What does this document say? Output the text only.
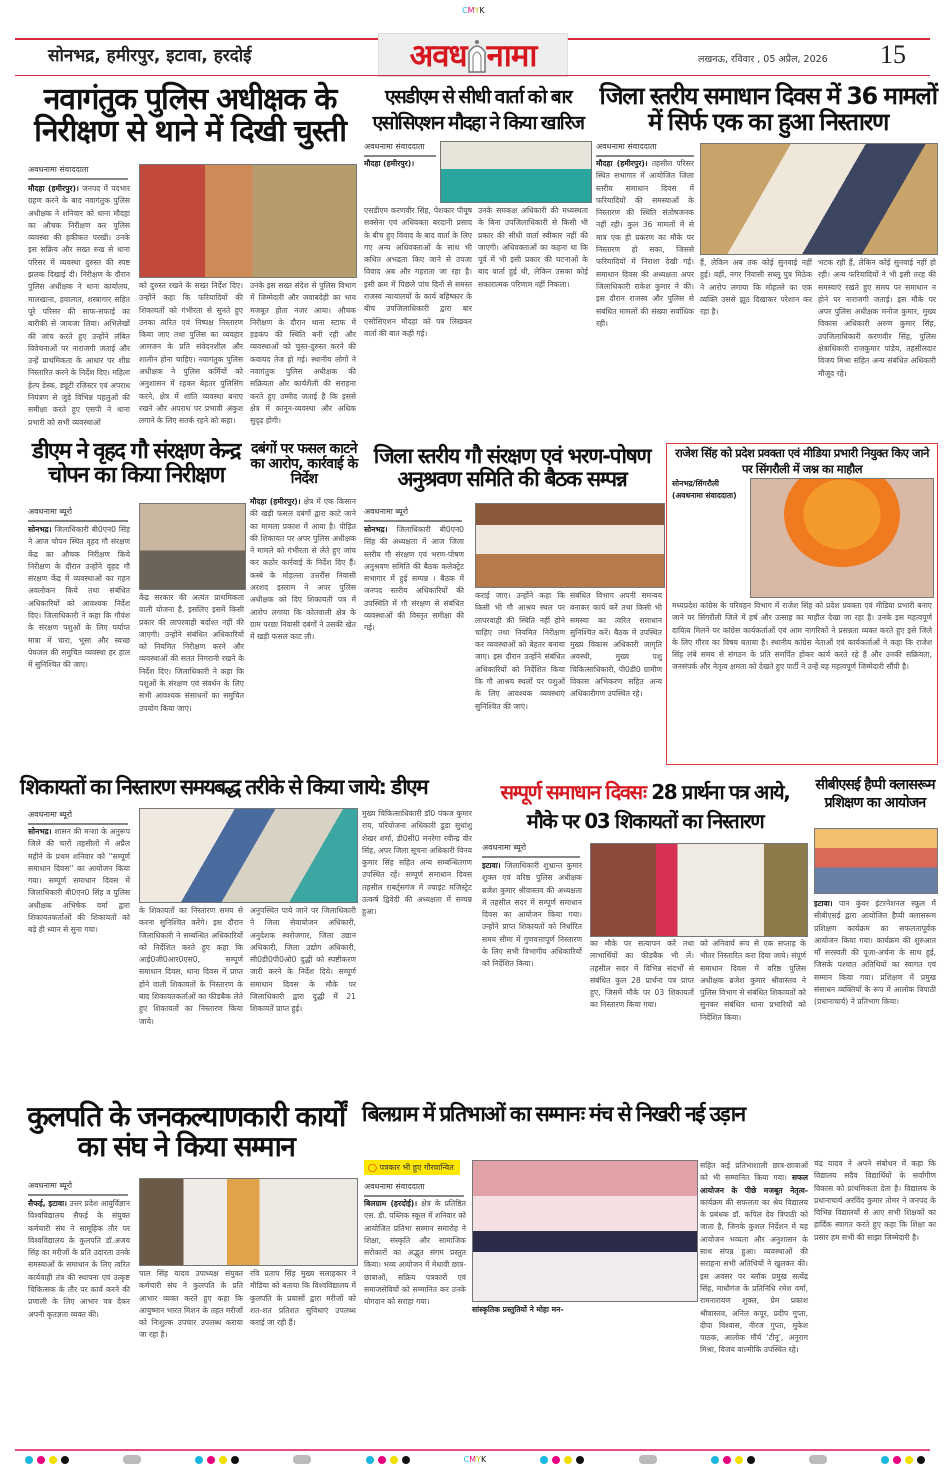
CMYK
सोनभद्र, हमीरपुर, इटावा, हरदोई	अवध नामा	लखनऊ, रविवार , 05 अप्रैल, 2026 15
नवागंतुक पुलिस अधीक्षक के निरीक्षण से थाने में दिखी चुस्ती
अवधनामा संवाददाता
मौदहा (हमीरपुर)। जनपद में पदभार ग्रहण करने के बाद नवागंतुक पुलिस अधीक्षक ने शनिवार को थाना मौदहा का औचक निरीक्षण कर पुलिस व्यवस्था की हकीकत परखी। उनके इस सक्रिय और सख्त रुख से थाना परिसर में व्यवस्था दुरुस्त की स्पष्ट झलक दिखाई दी। निरीक्षण के दौरान पुलिस अधीक्षक ने थाना कार्यालय, मालखाना, हवालात, शस्त्रागार सहित पूरे परिसर की साफ-सफाई का बारीकी से जायजा लिया। अभिलेखों की जांच करते हुए उन्होंने लंबित विवेचनाओं पर नाराजगी जताई और उन्हें प्राथमिकता के आधार पर शीघ्र निस्तारित करने के निर्देश दिए। महिला हेल्प डेस्क, ड्यूटी रजिस्टर एवं अपराध नियंत्रण से जुड़े विभिन्न पहलुओं की समीक्षा करते हुए एसपी ने थाना प्रभारी को सभी व्यवस्थाओं
को दुरुस्त रखने के सख्त निर्देश दिए। उन्होंने कहा कि फरियादियों की शिकायतों को गंभीरता से सुनते हुए उनका त्वरित एवं निष्पक्ष निस्तारण किया जाए तथा पुलिस का व्यवहार आमजन के प्रति संवेदनशील और शालीन होना चाहिए। नवागंतुक पुलिस अधीक्षक ने पुलिस कर्मियों को अनुशासन में रहकर बेहतर पुलिसिंग करने, क्षेत्र में शांति व्यवस्था बनाए रखने और अपराध पर प्रभावी अंकुश लगाने के लिए सतर्क रहने को कहा।
उनके इस सख्त संदेश से पुलिस विभाग में जिम्मेदारी और जवाबदेही का भाव मजबूत होता नजर आया। औचक निरीक्षण के दौरान थाना स्टाफ में हड़कंप की स्थिति बनी रही और व्यवस्थाओं को चुस्त-दुरुस्त करने की कवायद तेज हो गई। स्थानीय लोगों ने नवागंतुक पुलिस अधीक्षक की सक्रियता और कार्यशैली की सराहना करते हुए उम्मीद जताई है कि इससे क्षेत्र में कानून-व्यवस्था और अधिक सुदृढ़ होगी।
एसडीएम से सीधी वार्ता को बार एसोसिएशन मौदहा ने किया खारिज
अवधनामा संवाददाता
मौदहा (हमीरपुर)।
एसडीएम करणवीर सिंह, पेशकार पीयूष सक्सेना एवं अधिवक्ता बरदानी प्रसाद के बीच हुए विवाद के बाद वार्ता के लिए गए अन्य अधिवक्ताओं के साथ भी कथित अभद्रता किए जाने से उपजा विवाद अब और गहराता जा रहा है। इसी क्रम में पिछले पांच दिनों से समस्त राजस्व न्यायालयों के कार्य बहिष्कार के बीच उपजिलाधिकारी द्वारा बार एसोसिएशन मौदहा को पत्र लिखकर वार्ता की बात कही गई।
उनके समकक्ष अधिकारी की मध्यस्थता के बिना उपजिलाधिकारी से किसी भी प्रकार की सीधी वार्ता स्वीकार नहीं की जाएगी। अधिवक्ताओं का कहना था कि पूर्व में भी इसी प्रकार की घटनाओं के बाद वार्ता हुई थी, लेकिन उसका कोई सकारात्मक परिणाम नहीं निकला।
जिला स्तरीय समाधान दिवस में 36 मामलों में सिर्फ एक का हुआ निस्तारण
अवधनामा संवाददाता
मौदहा (हमीरपुर)। तहसील परिसर स्थित सभागार में आयोजित जिला स्तरीय समाधान दिवस में फरियादियों की समस्याओं के निस्तारण की स्थिति संतोषजनक नहीं रही। कुल 36 मामलों में से मात्र एक ही प्रकरण का मौके पर निस्तारण हो सका, जिससे फरियादियों में निराशा देखी गई। समाधान दिवस की अध्यक्षता अपर जिलाधिकारी राकेश कुमार ने की। इस दौरान राजस्व और पुलिस से संबंधित मामलों की संख्या सर्वाधिक रही।
हैं, लेकिन अब तक कोई सुनवाई नहीं हुई। वहीं, नगर निवासी सब्लू पुत्र मिठेक ने आरोप लगाया कि मोहल्ले का एक व्यक्ति उससे झूठ दिखाकर परेशान कर रहा है।
भटक रही हैं, लेकिन कोई सुनवाई नहीं हो रही। अन्य फरियादियों ने भी इसी तरह की समस्याएं रखते हुए समय पर समाधान न होने पर नाराजगी जताई। इस मौके पर अपर पुलिस अधीक्षक मनोज कुमार, मुख्य विकास अधिकारी अरुण कुमार सिंह, उपजिलाधिकारी करणवीर सिंह, पुलिस क्षेत्राधिकारी राजकुमार पांडेय, तहसीलदार विजय मिश्रा सहित अन्य संबंधित अधिकारी मौजूद रहे।
डीएम ने वृहद गौ संरक्षण केन्द्र चोपन का किया निरीक्षण
अवधनामा ब्यूरो
सोनभद्र। जिलाधिकारी बी0एन0 सिंह ने आज चोपन स्थित वृहद गौ संरक्षण केंद्र का औचक निरीक्षण किये निरीक्षण के दौरान उन्होंने वृहद गौ संरक्षण केंद्र में व्यवस्थाओं का गहन अवलोकन किये तथा संबंधित अधिकारियों को आवश्यक निर्देश दिए। जिलाधिकारी ने कहा कि गौवंश के संरक्षण पशुओं के लिए पर्याप्त मात्रा में चारा, भूसा और स्वच्छ पेयजल की समुचित व्यवस्था हर हाल में सुनिश्चित की जाए।
केंद्र सरकार की अत्यंत प्राथमिकता वाली योजना है, इसलिए इसमें किसी प्रकार की लापरवाही बर्दाश्त नहीं की जाएगी। उन्होंने संबंधित अधिकारियों को नियमित निरीक्षण करने और व्यवस्थाओं की सतत निगरानी रखने के निर्देश दिए। जिलाधिकारी ने कहा कि पशुओं के संरक्षण एवं संवर्धन के लिए सभी आवश्यक संसाधनों का समुचित उपयोग किया जाए।
दबंगों पर फसल काटने का आरोप, कार्रवाई के निर्देश
मौदहा (हमीरपुर)। क्षेत्र में एक किसान की खड़ी फसल दबंगों द्वारा काटे जाने का मामला प्रकाश में आया है। पीड़ित की शिकायत पर अपर पुलिस अधीक्षक ने मामले को गंभीरता से लेते हुए जांच कर कठोर कार्रवाई के निर्देश दिए हैं। कस्बे के मोहल्ला उत्तरौंस निवासी अरशद इस्लाम ने अपर पुलिस अधीक्षक को दिए शिकायती पत्र में आरोप लगाया कि कोतवाली क्षेत्र के ग्राम परछा निवासी दबंगों ने उसकी खेत में खड़ी फसल काट ली।
जिला स्तरीय गौ संरक्षण एवं भरण-पोषण अनुश्रवण समिति की बैठक सम्पन्न
अवधनामा ब्यूरो
सोनभद्र। जिलाधिकारी बी0एन0 सिंह की अध्यक्षता में आज जिला स्तरीय गौ संरक्षण एवं भरण-पोषण अनुश्रवण समिति की बैठक कलेक्ट्रेट सभागार में हुई सम्पन्न । बैठक में जनपद स्तरीय अधिकारियों की उपस्थिति में गौ संरक्षण से संबंधित व्यवस्थाओं की विस्तृत समीक्षा की गई।
कराई जाए। उन्होंने कहा कि किसी भी गौ आश्रय स्थल पर लापरवाही की स्थिति नहीं होने चाहिए तथा नियमित निरीक्षण कर व्यवस्थाओं को बेहतर बनाया जाए। इस दौरान उन्होंने संबंधित अधिकारियों को निर्देशित किया कि गौ आश्रय स्थलों पर पशुओं के लिए आवश्यक व्यवस्थाएं सुनिश्चित की जाएं।
संबंधित विभाग अपनी समन्वय बनाकर कार्य करें तथा किसी भी समस्या का त्वरित समाधान सुनिश्चित करें। बैठक में उपस्थित मुख्य विकास अधिकारी जागृति अवस्थी, मुख्य पशु चिकित्साधिकारी, पी0डी0 ग्रामीण विकास अभिकरण सहित अन्य अधिकारीगण उपस्थित रहे।
राजेश सिंह को प्रदेश प्रवक्ता एवं मीडिया प्रभारी नियुक्त किए जाने पर सिंगरौली में जश्न का माहौल
सोनभद्र/सिंगरौली (अवधनामा संवाददाता)
मध्यप्रदेश कांग्रेस के परिवहन विभाग में राजेश सिंह को प्रदेश प्रवक्ता एवं मीडिया प्रभारी बनाए जाने पर सिंगरौली जिले में हर्ष और उत्साह का माहौल देखा जा रहा है। उनके इस महत्वपूर्ण दायित्व मिलने पर कांग्रेस कार्यकर्ताओं एवं आम नागरिकों ने प्रसन्नता व्यक्त करते हुए इसे जिले के लिए गौरव का विषय बताया है। स्थानीय कांग्रेस नेताओं एवं कार्यकर्ताओं ने कहा कि राजेश सिंह लंबे समय से संगठन के प्रति समर्पित होकर कार्य करते रहे हैं और उनकी सक्रियता, जनसंपर्क और नेतृत्व क्षमता को देखते हुए पार्टी ने उन्हें यह महत्वपूर्ण जिम्मेदारी सौंपी है।
शिकायतों का निस्तारण समयबद्ध तरीके से किया जाये: डीएम
अवधनामा ब्यूरो
सोनभद्र। शासन की मन्शा के अनुरूप जिले की चारों तहसीलों में अप्रैल महीने के प्रथम शनिवार को ''सम्पूर्ण समाधान दिवस'' का आयोजन किया गया। सम्पूर्ण समाधान दिवस में जिलाधिकारी बी0एन0 सिंह व पुलिस अधीक्षक अभिषेक वर्मा द्वारा शिकायतकर्ताओं की शिकायतों को बड़े ही ध्यान से सुना गया।
के शिकायतों का निस्तारण समय से करना सुनिश्चित करेंगे। इस दौरान जिलाधिकारी ने सम्बन्धित अधिकारियों को निर्देशित करते हुए कहा कि आई0जी0आर0एस0, सम्पूर्ण समाधान दिवस, थाना दिवस में प्राप्त होने वाली शिकायतों के निस्तारण के बाद शिकायतकर्ताओं का फीडबैक लेते हुए शिकायतों का निस्तारण किया जाये।
अनुपस्थित पाये जाने पर जिलाधिकारी ने जिला सेवायोजन अधिकारी, अनुदेशक स्वरोजगार, जिला उद्यान अधिकारी, जिला उद्योग अधिकारी, सी0डी0पी0ओ0 दुद्धी को स्पष्टीकरण जारी करने के निर्देश दिये। सम्पूर्ण समाधान दिवस के मौके पर जिलाधिकारी द्वारा दुद्धी में 21 शिकायतें प्राप्त हुई।
मुख्य चिकित्साधिकारी डॉ0 पंकज कुमार राय, परियोजना अधिकारी डूडा सुधांशु शेखर शर्मा, डी0सी0 मनरेगा रवीन्द्र वीर सिंह, अपर जिला सूचना अधिकारी विनय कुमार सिंह सहित अन्य सम्बन्धितगण उपस्थित रहें। सम्पूर्ण समाधान दिवस तहसील राबर्ट्सगंज में ज्वाइंट मजिस्ट्रेट उत्कर्ष द्विवेदी की अध्यक्षता में सम्पन्न हुआ।
सम्पूर्ण समाधान दिवसः 28 प्रार्थना पत्र आये, मौके पर 03 शिकायतों का निस्तारण
अवधनामा ब्यूरो
इटावा। जिलाधिकारी शुभ्रान्त कुमार शुक्ल एवं वरिष्ठ पुलिस अधीक्षक ब्रजेश कुमार श्रीवास्तव की अध्यक्षता में तहसील सदर में सम्पूर्ण समाधान दिवस का आयोजन किया गया। उन्होंने प्राप्त शिकायतों को निर्धारित समय सीमा में गुणवत्तापूर्ण निस्तारण के लिए सभी विभागीय अधिकारियों को निर्देशित किया।
का मौके पर सत्यापन करें तथा लाभार्थियों का फीडबैक भी लें। तहसील सदर में विभिन्न संदर्भों से संबंधित कुल 28 प्रार्थना पत्र प्राप्त हुए, जिसमें मौके पर 03 शिकायतों का निस्तारण किया गया।
को अनिवार्य रूप से एक सप्ताह के भीतर निस्तारित करा दिया जाये। संपूर्ण समाधान दिवस में वरिष्ठ पुलिस अधीक्षक ब्रजेश कुमार श्रीवास्तव ने पुलिस विभाग से संबंधित शिकायतों को सुनकर संबंधित थाना प्रभारियों को निर्देशित किया।
सीबीएसई हैप्पी क्लासरूम प्रशिक्षण का आयोजन
इटावा। पान कुंवर इंटरनेशनल स्कूल में सीबीएसई द्वारा आयोजित हैप्पी क्लासरूम प्रशिक्षण कार्यक्रम का सफलतापूर्वक आयोजन किया गया। कार्यक्रम की शुरुआत माँ सरस्वती की पूजा-अर्चना के साथ हुई, जिसके पश्चात अतिथियों का स्वागत एवं सम्मान किया गया। प्रशिक्षण में प्रमुख संसाधन व्यक्तियों के रूप में आलोक त्रिपाठी (प्रधानाचार्य) ने प्रतिभाग किया।
चंद्र यादव ने अपने संबोधन में कहा कि विद्यालय सदैव विद्यार्थियों के सर्वांगीण विकास को प्राथमिकता देता है। विद्यालय के प्रधानाचार्य अरविंद कुमार तोमर ने जनपद के विभिन्न विद्यालयों से आए सभी शिक्षकों का हार्दिक स्वागत करते हुए कहा कि शिक्षा का प्रसार हम सभी की साझा जिम्मेदारी है।
कुलपति के जनकल्याणकारी कार्यों का संघ ने किया सम्मान
अवधनामा ब्यूरो
सैफई, इटावा। उत्तर प्रदेश आयुर्विज्ञान विश्वविद्यालय सैफई के संयुक्त कर्मचारी संघ ने सामूहिक तौर पर विश्वविद्यालय के कुलपति डॉ.अजय सिंह का मरीजों के प्रति उदारता उनके समस्याओं के समाधान के लिए त्वरित कार्यवाही तंत्र की स्थापना एवं उत्कृष्ट चिकित्सक के तौर पर कार्य करने की प्रणाली के लिए आभार पत्र देकर अपनी कृतज्ञता व्यक्त की।
पाल सिंह यादव उपाध्यक्ष संयुक्त कर्मचारी संघ ने कुलपति के प्रति आभार व्यक्त करते हुए कहा कि आयुष्मान भारत मिशन के तहत मरीजों को निःशुल्क उपचार उपलब्ध कराया जा रहा है।
रवि प्रताप सिंह मुख्य सलाहकार ने मीडिया को बताया कि विश्वविद्यालय में कुलपति के प्रयासों द्वारा मरीजों को शत-शत प्रतिशत सुविधाएं उपलब्ध कराई जा रही हैं।
बिलग्राम में प्रतिभाओं का सम्मानः मंच से निखरी नई उड़ान
◯ पत्रकार भी हुए गौरवान्वित
अवधनामा संवाददाता
बिलग्राम (हरदोई)। क्षेत्र के प्रतिष्ठित एस. डी. पब्लिक स्कूल में शनिवार को आयोजित प्रतिभा सम्मान समारोह ने शिक्षा, संस्कृति और सामाजिक सरोकारों का अद्भुत संगम प्रस्तुत किया। भव्य आयोजन में मेधावी छात्र-छात्राओं, सक्रिय पत्रकारों एवं समाजसेवियों को सम्मानित कर उनके योगदान को सराहा गया।
सांस्कृतिक प्रस्तुतियों ने मोहा मन-
सहित कई प्रतिभाशाली छात्र-छात्राओं को भी सम्मानित किया गया। सफल आयोजन के पीछे मजबूत नेतृत्व- कार्यक्रम की सफलता का श्रेय विद्यालय के प्रबंधक डॉ. कपिल देव त्रिपाठी को जाता है, जिनके कुशल निर्देशन में यह आयोजन भव्यता और अनुशासन के साथ संपन्न हुआ। व्यवस्थाओं की सराहना सभी अतिथियों ने खुलकर की। इस अवसर पर ब्लॉक प्रमुख सत्येंद्र सिंह, माधौगंज के प्रतिनिधि रमेश वर्मा, रामनारायण शुक्ल, प्रेम प्रकाश श्रीवास्तव, अनिल कपूर, प्रदीप गुप्ता, दीपा विश्वास, नीरज गुप्ता, मुकेश पाठक, आलोक मौर्य 'टीनू', अनुराग मिश्रा, विजय वाल्मीकि उपस्थित रहे।
CMYK
